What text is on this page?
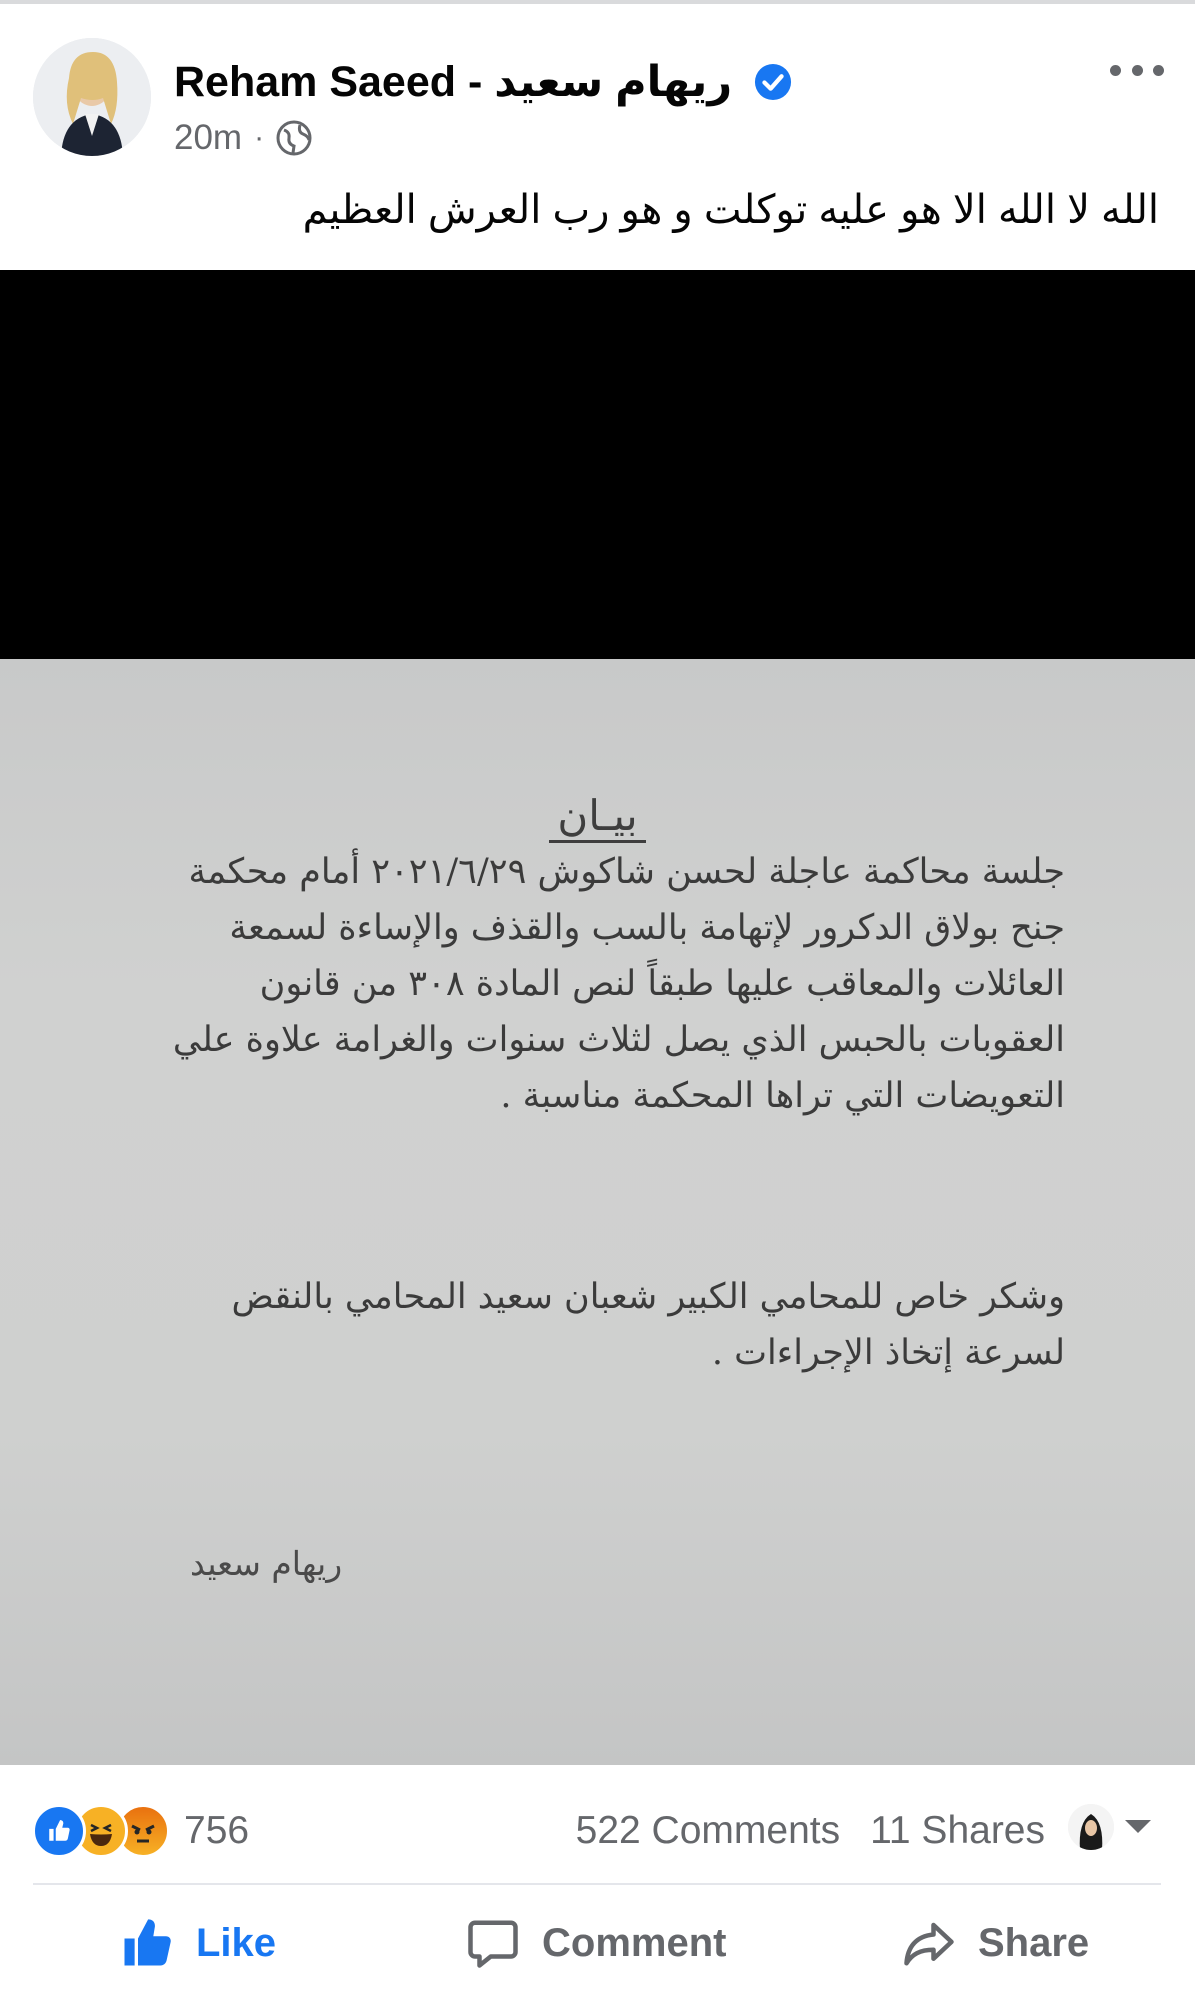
Reham Saeed - ريهام سعيد
20m ·
الله لا الله الا هو عليه توكلت و هو رب العرش العظيم
بيـان
جلسة محاكمة عاجلة لحسن شاكوش ٢٠٢١/٦/٢٩ أمام محكمة
جنح بولاق الدكرور لإتهامة بالسب والقذف والإساءة لسمعة
العائلات والمعاقب عليها طبقاً لنص المادة ٣٠٨ من قانون
العقوبات بالحبس الذي يصل لثلاث سنوات والغرامة علاوة علي
التعويضات التي تراها المحكمة مناسبة .
وشكر خاص للمحامي الكبير شعبان سعيد المحامي بالنقض
لسرعة إتخاذ الإجراءات .
ريهام سعيد
756	522 Comments 11 Shares
Like	Comment	Share
